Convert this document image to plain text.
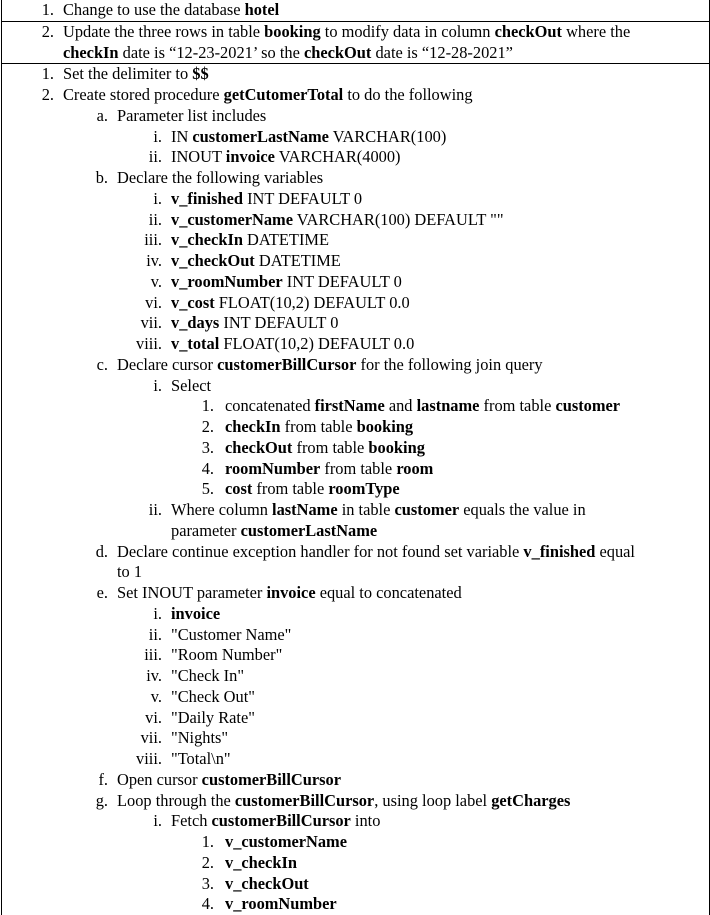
1. Change to use the database hotel
2. Update the three rows in table booking to modify data in column checkOut where the
checkIn date is “12-23-2021’ so the checkOut date is “12-28-2021”
1. Set the delimiter to $$
2. Create stored procedure getCutomerTotal to do the following
a. Parameter list includes
i. IN customerLastName VARCHAR(100)
ii. INOUT invoice VARCHAR(4000)
b. Declare the following variables
i. v_finished INT DEFAULT 0
ii. v_customerName VARCHAR(100) DEFAULT ""
iii. v_checkIn DATETIME
iv. v_checkOut DATETIME
v. v_roomNumber INT DEFAULT 0
vi. v_cost FLOAT(10,2) DEFAULT 0.0
vii. v_days INT DEFAULT 0
viii. v_total FLOAT(10,2) DEFAULT 0.0
c. Declare cursor customerBillCursor for the following join query
i. Select
1. concatenated firstName and lastname from table customer
2. checkIn from table booking
3. checkOut from table booking
4. roomNumber from table room
5. cost from table roomType
ii. Where column lastName in table customer equals the value in
parameter customerLastName
d. Declare continue exception handler for not found set variable v_finished equal
to 1
e. Set INOUT parameter invoice equal to concatenated
i. invoice
ii. "Customer Name"
iii. "Room Number"
iv. "Check In"
v. "Check Out"
vi. "Daily Rate"
vii. "Nights"
viii. "Total\n"
f. Open cursor customerBillCursor
g. Loop through the customerBillCursor, using loop label getCharges
i. Fetch customerBillCursor into
1. v_customerName
2. v_checkIn
3. v_checkOut
4. v_roomNumber
